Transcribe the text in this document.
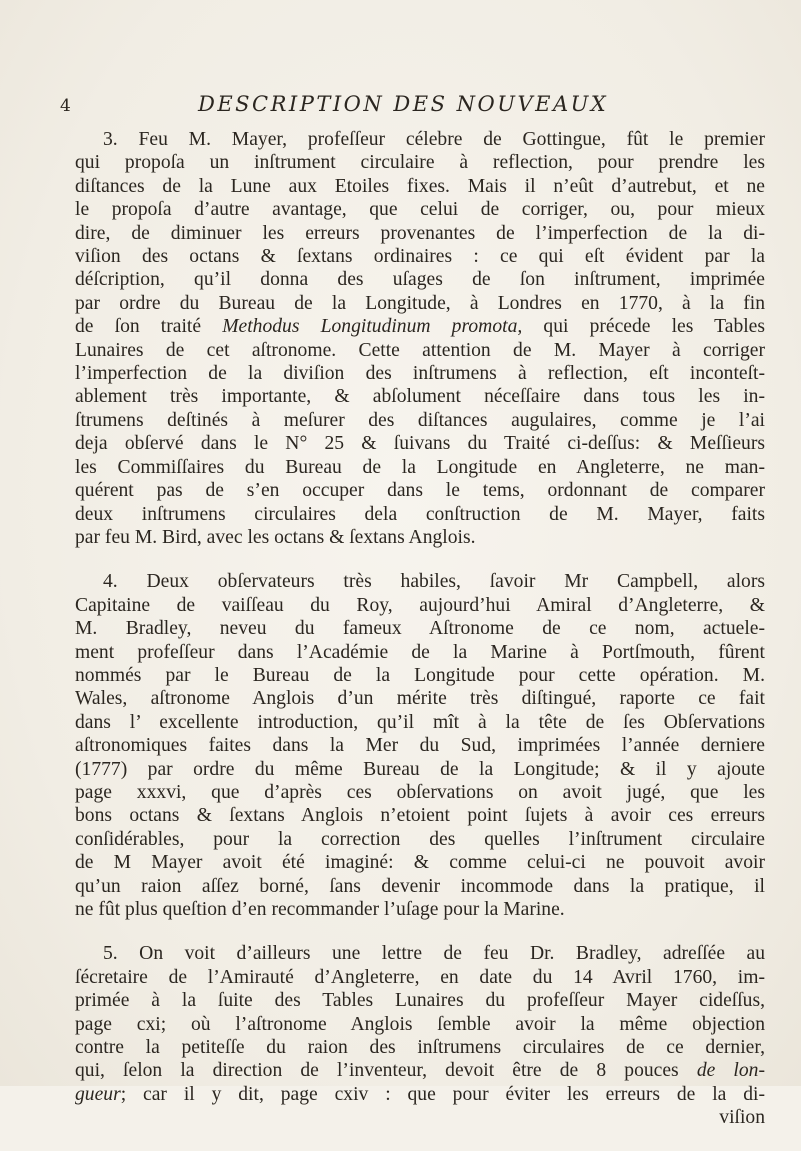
4	DESCRIPTION DES NOUVEAUX
3. Feu M. Mayer, profeſſeur célebre de Gottingue, fût le premier
qui propoſa un inſtrument circulaire à reflection, pour prendre les
diſtances de la Lune aux Etoiles fixes. Mais il n’eût d’autrebut, et ne
le propoſa d’autre avantage, que celui de corriger, ou, pour mieux
dire, de diminuer les erreurs provenantes de l’imperfection de la di-
viſion des octans & ſextans ordinaires : ce qui eſt évident par la
déſcription, qu’il donna des uſages de ſon inſtrument, imprimée
par ordre du Bureau de la Longitude, à Londres en 1770, à la fin
de ſon traité Methodus Longitudinum promota, qui précede les Tables
Lunaires de cet aſtronome. Cette attention de M. Mayer à corriger
l’imperfection de la diviſion des inſtrumens à reflection, eſt inconteſt-
ablement très importante, & abſolument néceſſaire dans tous les in-
ſtrumens deſtinés à meſurer des diſtances augulaires, comme je l’ai
deja obſervé dans le N° 25 & ſuivans du Traité ci-deſſus: & Meſſieurs
les Commiſſaires du Bureau de la Longitude en Angleterre, ne man-
quérent pas de s’en occuper dans le tems, ordonnant de comparer
deux inſtrumens circulaires dela conſtruction de M. Mayer, faits
par feu M. Bird, avec les octans & ſextans Anglois.
4. Deux obſervateurs très habiles, ſavoir Mr Campbell, alors
Capitaine de vaiſſeau du Roy, aujourd’hui Amiral d’Angleterre, &
M. Bradley, neveu du fameux Aſtronome de ce nom, actuele-
ment profeſſeur dans l’Académie de la Marine à Portſmouth, fûrent
nommés par le Bureau de la Longitude pour cette opération. M.
Wales, aſtronome Anglois d’un mérite très diſtingué, raporte ce fait
dans l’ excellente introduction, qu’il mît à la tête de ſes Obſervations
aſtronomiques faites dans la Mer du Sud, imprimées l’année derniere
(1777) par ordre du même Bureau de la Longitude; & il y ajoute
page xxxvi, que d’après ces obſervations on avoit jugé, que les
bons octans & ſextans Anglois n’etoient point ſujets à avoir ces erreurs
conſidérables, pour la correction des quelles l’inſtrument circulaire
de M Mayer avoit été imaginé: & comme celui-ci ne pouvoit avoir
qu’un raion aſſez borné, ſans devenir incommode dans la pratique, il
ne fût plus queſtion d’en recommander l’uſage pour la Marine.
5. On voit d’ailleurs une lettre de feu Dr. Bradley, adreſſée au
ſécretaire de l’Amirauté d’Angleterre, en date du 14 Avril 1760, im-
primée à la ſuite des Tables Lunaires du profeſſeur Mayer cideſſus,
page cxi; où l’aſtronome Anglois ſemble avoir la même objection
contre la petiteſſe du raion des inſtrumens circulaires de ce dernier,
qui, ſelon la direction de l’inventeur, devoit être de 8 pouces de lon-
gueur; car il y dit, page cxiv : que pour éviter les erreurs de la di-
viſion
